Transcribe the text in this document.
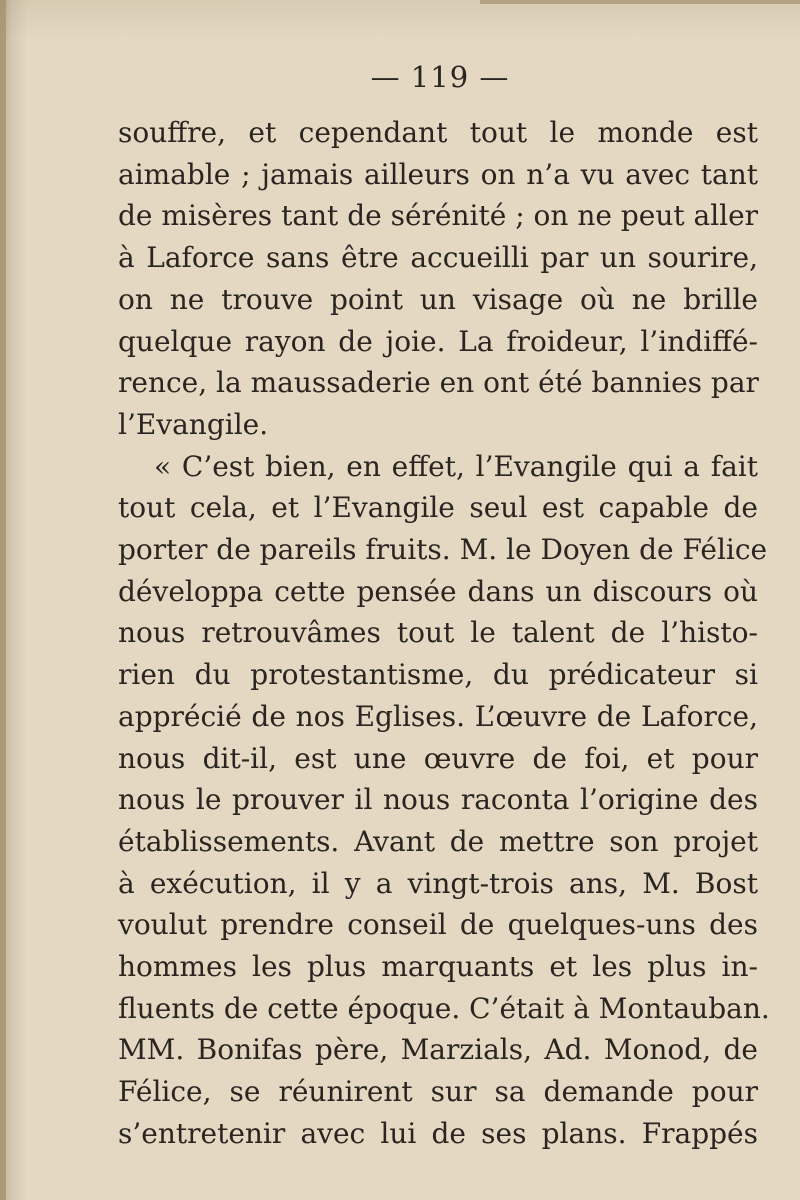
— 119 —
souffre, et cependant tout le monde est
aimable ; jamais ailleurs on n’a vu avec tant
de misères tant de sérénité ; on ne peut aller
à Laforce sans être accueilli par un sourire,
on ne trouve point un visage où ne brille
quelque rayon de joie. La froideur, l’indiffé-
rence, la maussaderie en ont été bannies par
l’Evangile.
« C’est bien, en effet, l’Evangile qui a fait
tout cela, et l’Evangile seul est capable de
porter de pareils fruits. M. le Doyen de Félice
développa cette pensée dans un discours où
nous retrouvâmes tout le talent de l’histo-
rien du protestantisme, du prédicateur si
apprécié de nos Eglises. L’œuvre de Laforce,
nous dit-il, est une œuvre de foi, et pour
nous le prouver il nous raconta l’origine des
établissements. Avant de mettre son projet
à exécution, il y a vingt-trois ans, M. Bost
voulut prendre conseil de quelques-uns des
hommes les plus marquants et les plus in-
fluents de cette époque. C’était à Montauban.
MM. Bonifas père, Marzials, Ad. Monod, de
Félice, se réunirent sur sa demande pour
s’entretenir avec lui de ses plans. Frappés
